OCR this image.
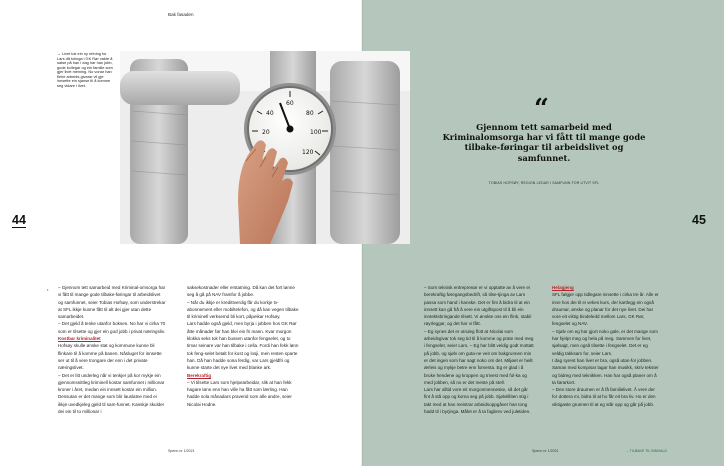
Bak fasaden
→ Livet tok ein ny retning for Lars då tolinga i GK Rør vakte å satse på han i dag har han jobb, gode kollegar og ein familie som gjer livet meining. No vonar han fleire arbeids-givarar vil gje innsette ein sjanse til å komme seg vidare i livet.
60
80
100
120
40
20
“
Gjennom tett samarbeid med Kriminalomsorga har vi fått til mange gode tilbake-føringar til arbeidslivet og samfunnet.
TOBIAS HOFSØY, REGION LEDAR I SAMFUNN FOR UTVIT SFL
44	45
• – Gjennom tett samarbeid med Kriminal-omsorga har vi fått til mange gode tilbake-føringar til arbeidslivet og samfunnet, seier Tobias Hofsøy, som understrekar at SFL ikkje kunne fått til alt dei gjer utan dette samarbeidet.

– Det gjeld å tenke utanfor boksen. No har vi cirka 70 som er tilsette og gjer ein god jobb i privat næringsliv.

Kostbar kriminalitet

Hofsøy skulle ønske stat og kommune kunne bli flinkare til å komme på banen. Nåsluget for innsette ser ut til å vere trongare der enn i det private næringslivet.

– Det er litt underleg når vi tenkjer på kor mykje ein gjennomsnittleg kriminell kostar samfunnet i millionar kroner i året, medan ein innsett kostar ein million. Dessutan er det mange som blir lauslatne med ei ikkje uvedkjeleg gjeld til sam-funnet. Kanskje skulder dei ein til to millionar i

saksekostnader eller erstatning. Då kan det fort lønne seg å gå på NAV framfor å jobbe.

– Når du ikkje er kredittverdig får du korkje tv-abonnement eller mobiltelefon, og då kan vegen tilbake til kriminell verksemd bli kort, påpeikar Hofsøy.

Lars hadde også gjeld, men byrja i jobben hos GK Rør åtte månader før han blei ein fri mann. Kvar morgon klokka seks tok han bussen utanfor fengselet, og to timar seinare var han tilbake i cella. Fordi han fekk lønn tok feng-selet betalt for kost og losji, men resten sparte han. Då han hadde sona ferdig, var Lars gjeldfri og kunne starte det nye livet med blanke ark.

Berekraftig

– Vi tilsette Lars som hjelpearbeidar, slik at han fekk hagare lønn enn han ville ha fått som lærling. Han hadde sola månadars praverid som alle andre, seier Nicolai Hodne.

– Som teknisk entreprenør er vi opptatte av å vere ei berekraftig føregangsbedrift, så tilse-tjinga av Lars passa som hand i hanske. Det er fint å bidra til at ein innsett kan gå frå å vere ein utgiftspost til å bli ein inntektsbringande tilsett. Vi ønskte oss ein flink, stabil røyrleggar, og det har vi fått.

– Eg synes det er utruleg flott at Nicolai som arbeidsgivar tok seg tid til å komme og prate med meg i fengselet, seier Lars. – Eg har blitt veldig godt mottatt på jobb, og sjølv om guta-ne veit om bakgrunnen min er det ingen som har sagt noko om det. Miljøet er heilt ærleis og mykje betre enn forventa. Eg er glad i å bruke hendene og kroppen og trivest med fol-ka og med jobben, så no er det meste på stell.

Lars har alltid vore eit morgonmenneske, så det går fint å stå opp og koma seg på jobb. Sjølvtilliten stig i takt med at han meistrar arbeidsoppgåver han tong hadd til i byrjinga. Målet er å ta fagbrev ved juletiden.

Helagjeng

SFL følgjer opp tidlegare innsette i cirka tre år. Alle er inne hos dei til ei vekes kurs, der kartlegg ein også draumar, ønske og planar for det nye livet. Dei har vore eit viktig bindeledd mellom Lars, GK Rør, fengselet og NAV.

– Sjølv om eg har gjort noko gale, er det mange som har hjelpt meg og hela på meg. Sammen for livet, sjølsagt, men også tilsette i fengselet. Det er eg veldig takksam for, seier Lars.

I dag syrest han livet er bra, også utan-for jobben. Saman med kompisar lagar han musikk, skriv tekster og bidreg med teknikken. Han har også planer om å ta førarkort.

– Den store draumen er å få familielivet. Å vere der for dottera mi, bidra til at ho får eit bra liv. Ho er den viktigaste grunnen til at eg står opp og går på jobb.

Spenn nr 1/2021	Spenn nr 1/2021	→ TILBAKE TIL INNHALD
